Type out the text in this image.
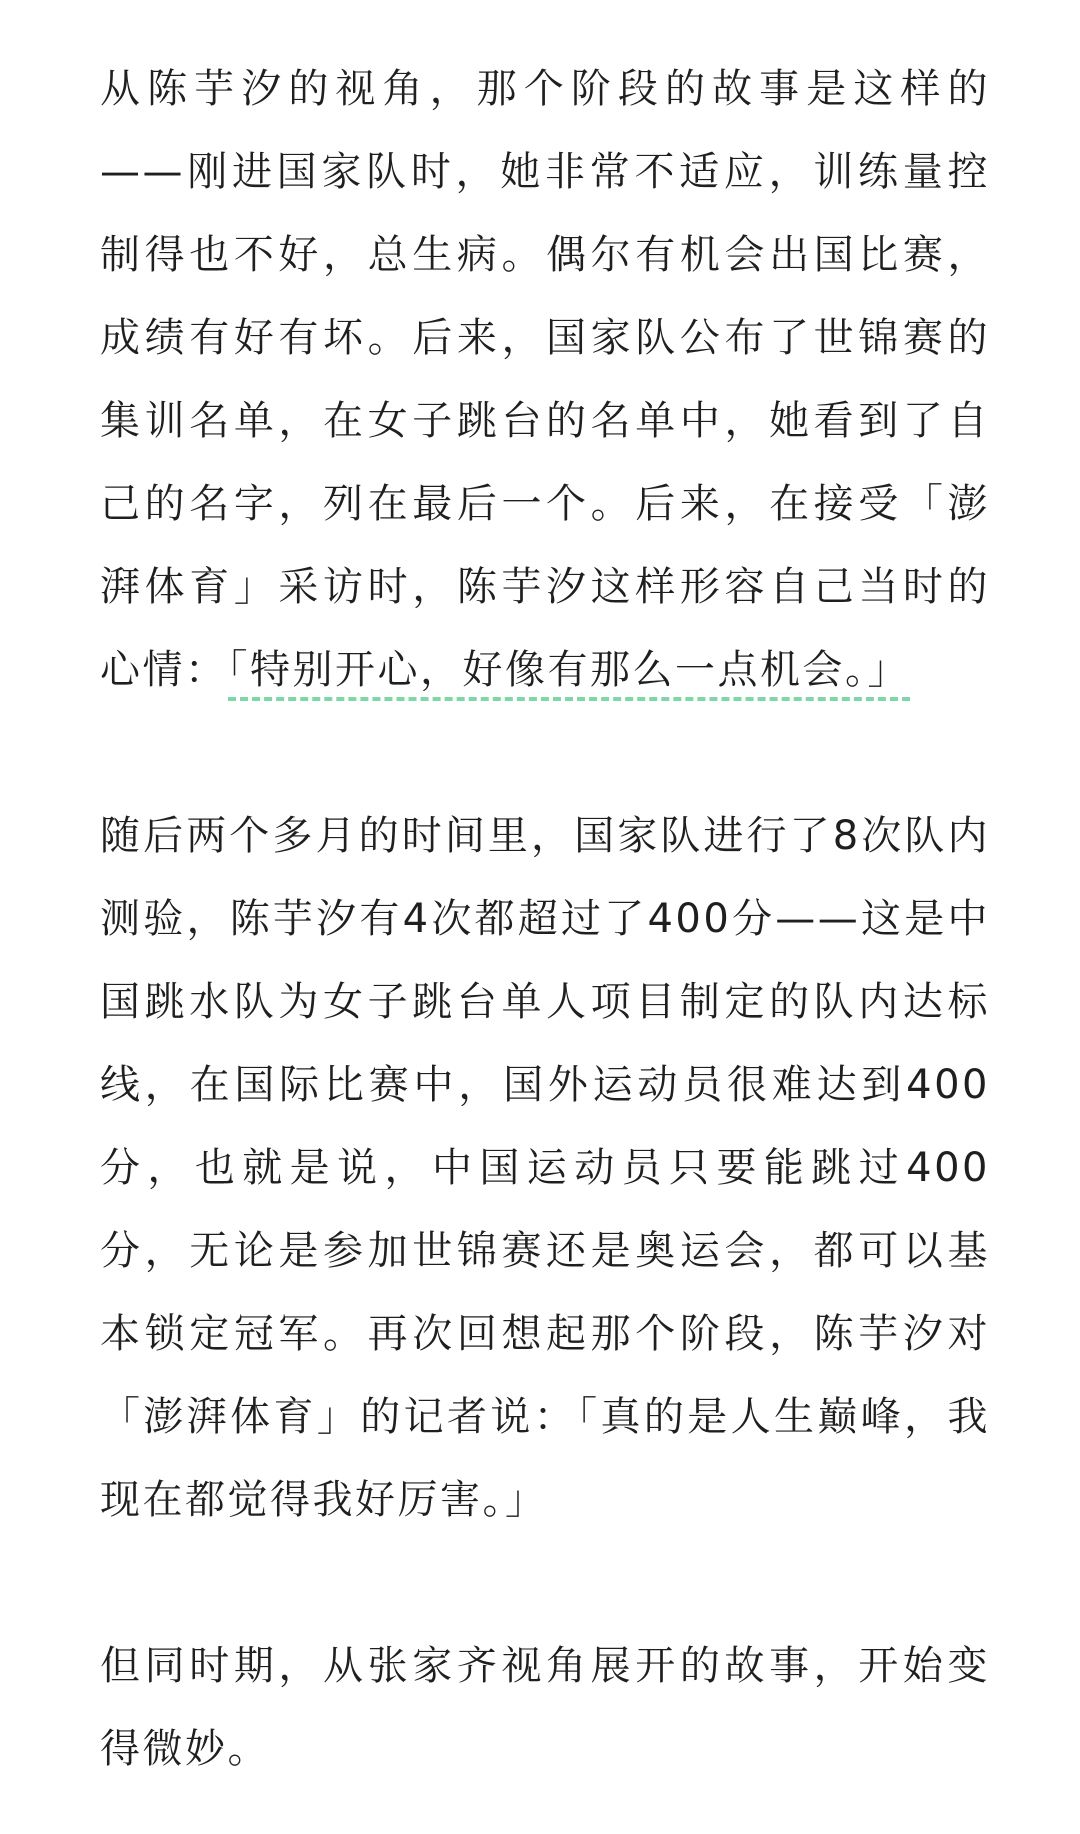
从陈芋汐的视角，那个阶段的故事是这样的——刚进国家队时，她非常不适应，训练量控制得也不好，总生病。偶尔有机会出国比赛，成绩有好有坏。后来，国家队公布了世锦赛的集训名单，在女子跳台的名单中，她看到了自己的名字，列在最后一个。后来，在接受「澎湃体育」采访时，陈芋汐这样形容自己当时的心情：「特别开心，好像有那么一点机会。」

随后两个多月的时间里，国家队进行了8次队内测验，陈芋汐有4次都超过了400分——这是中国跳水队为女子跳台单人项目制定的队内达标线，在国际比赛中，国外运动员很难达到400分，也就是说，中国运动员只要能跳过400分，无论是参加世锦赛还是奥运会，都可以基本锁定冠军。再次回想起那个阶段，陈芋汐对「澎湃体育」的记者说：「真的是人生巅峰，我现在都觉得我好厉害。」

但同时期，从张家齐视角展开的故事，开始变得微妙。
